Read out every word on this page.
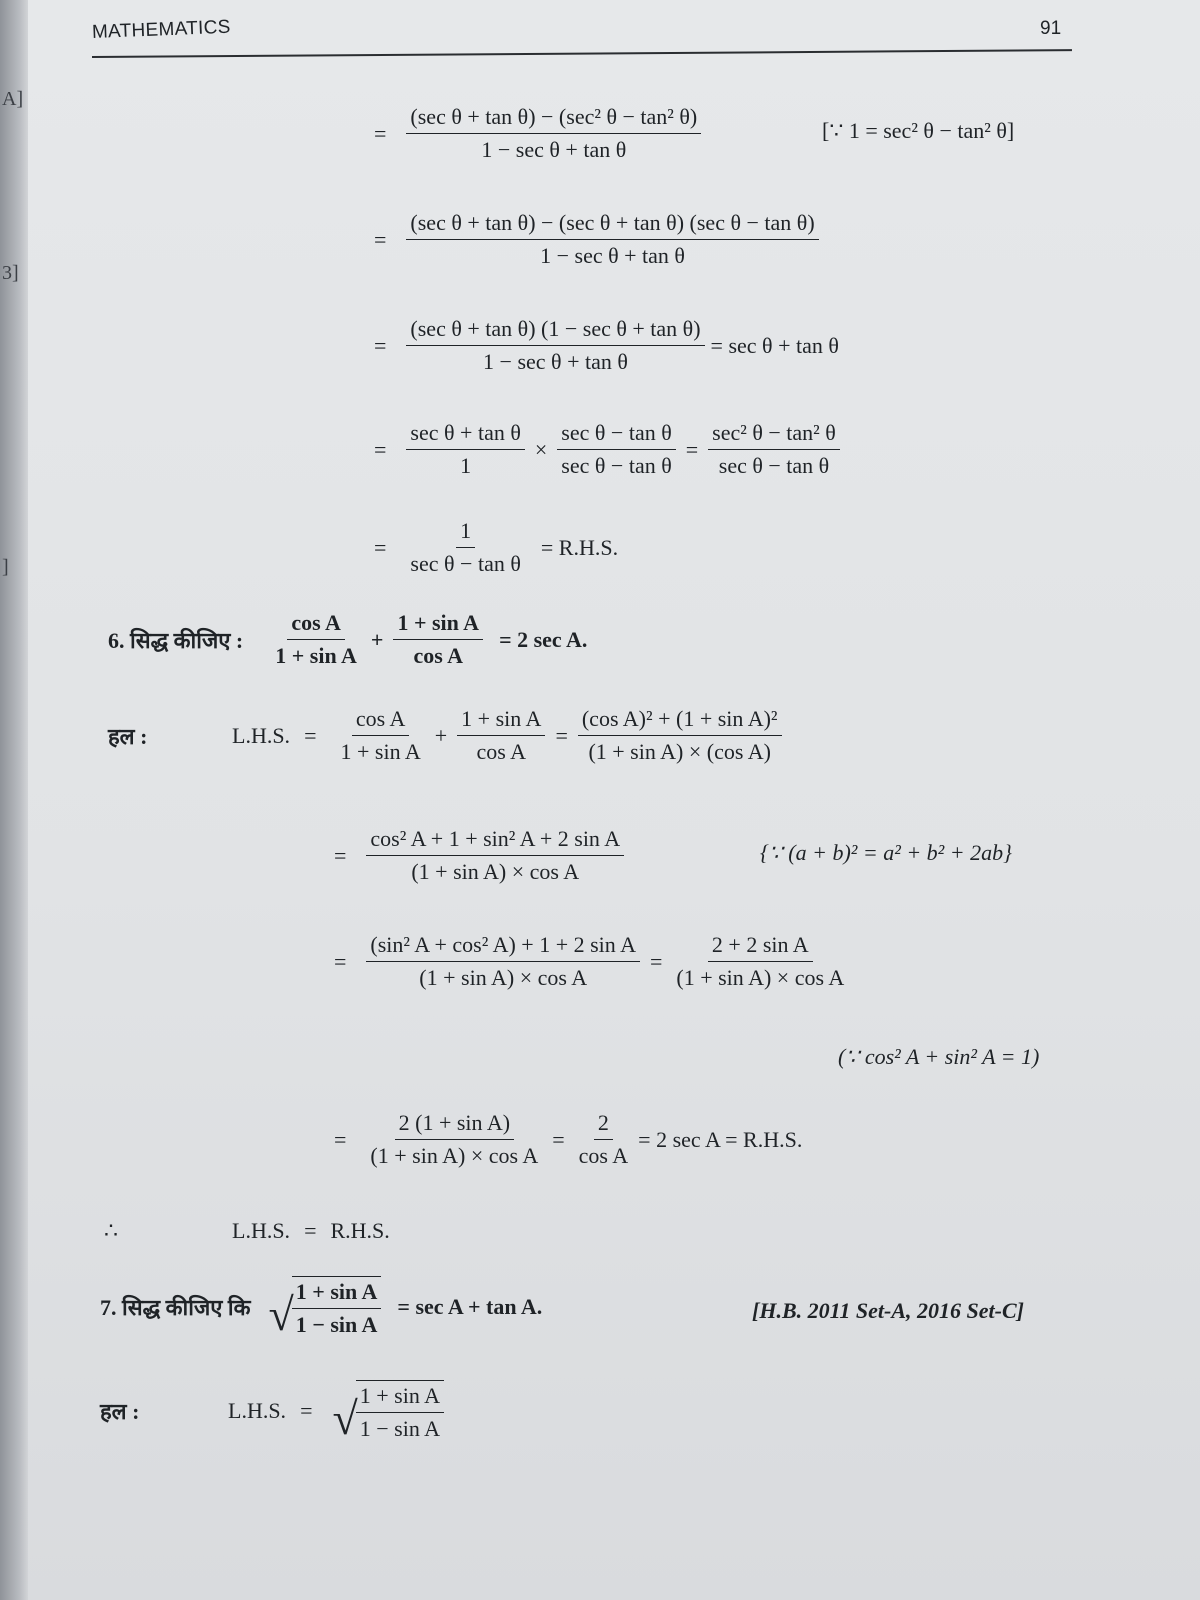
A]
3]
]
MATHEMATICS	91
= $\frac{\text{(sec θ + tan θ) − (sec² θ − tan² θ)}}{\text{1 − sec θ + tan θ}}$	[∵ 1 = sec² θ − tan² θ]
= $\frac{\text{(sec θ + tan θ) − (sec θ + tan θ) (sec θ − tan θ)}}{\text{1 − sec θ + tan θ}}$
= $\frac{\text{(sec θ + tan θ) (1 − sec θ + tan θ)}}{\text{1 − sec θ + tan θ}} = \sec \theta + \tan \theta$
= $\frac{\text{sec θ + tan θ}}{1} \times \frac{\text{sec θ − tan θ}}{\text{sec θ − tan θ}} = \frac{\text{sec² θ − tan² θ}}{\text{sec θ − tan θ}}$
= $\frac{1}{\text{sec θ − tan θ}} = R.H.S$.
6. सिद्ध कीजिए : $\frac{\text{cos A}}{\text{1 + sin A}} + \frac{\text{1 + sin A}}{\text{cos A}} = 2$ sec A.
हल :	L.H.S. = $\frac{\text{cos A}}{\text{1 + sin A}} + \frac{\text{1 + sin A}}{\text{cos A}} = \frac{\text{(cos A)² + (1 + sin A)²}}{\text{(1 + sin A) × (cos A)}}$
= $\frac{\text{cos² A + 1 + sin² A + 2 sin A}}{\text{(1 + sin A) × cos A}}$	{∵ (a + b)² = a² + b² + 2ab}
= $\frac{\text{(sin² A + cos² A) + 1 + 2 sin A}}{\text{(1 + sin A) × cos A}} = \frac{\text{2 + 2 sin A}}{\text{(1 + sin A) × cos A}}$
(∵ cos² A + sin² A = 1)
= $\frac{\text{2 (1 + sin A)}}{\text{(1 + sin A) × cos A}} = \frac{2}{\text{cos A}} = 2$ sec A = R.H.S.
∴	L.H.S. = R.H.S.
7. सिद्ध कीजिए कि √
$\frac{\text{1 + sin A}}{\text{1 − sin A}} = \sec A + \tan A$.	[H.B. 2011 Set-A, 2016 Set-C]
हल :	L.H.S. = √
$\frac{\text{1 + sin A}}{\text{1 − sin A}}$
